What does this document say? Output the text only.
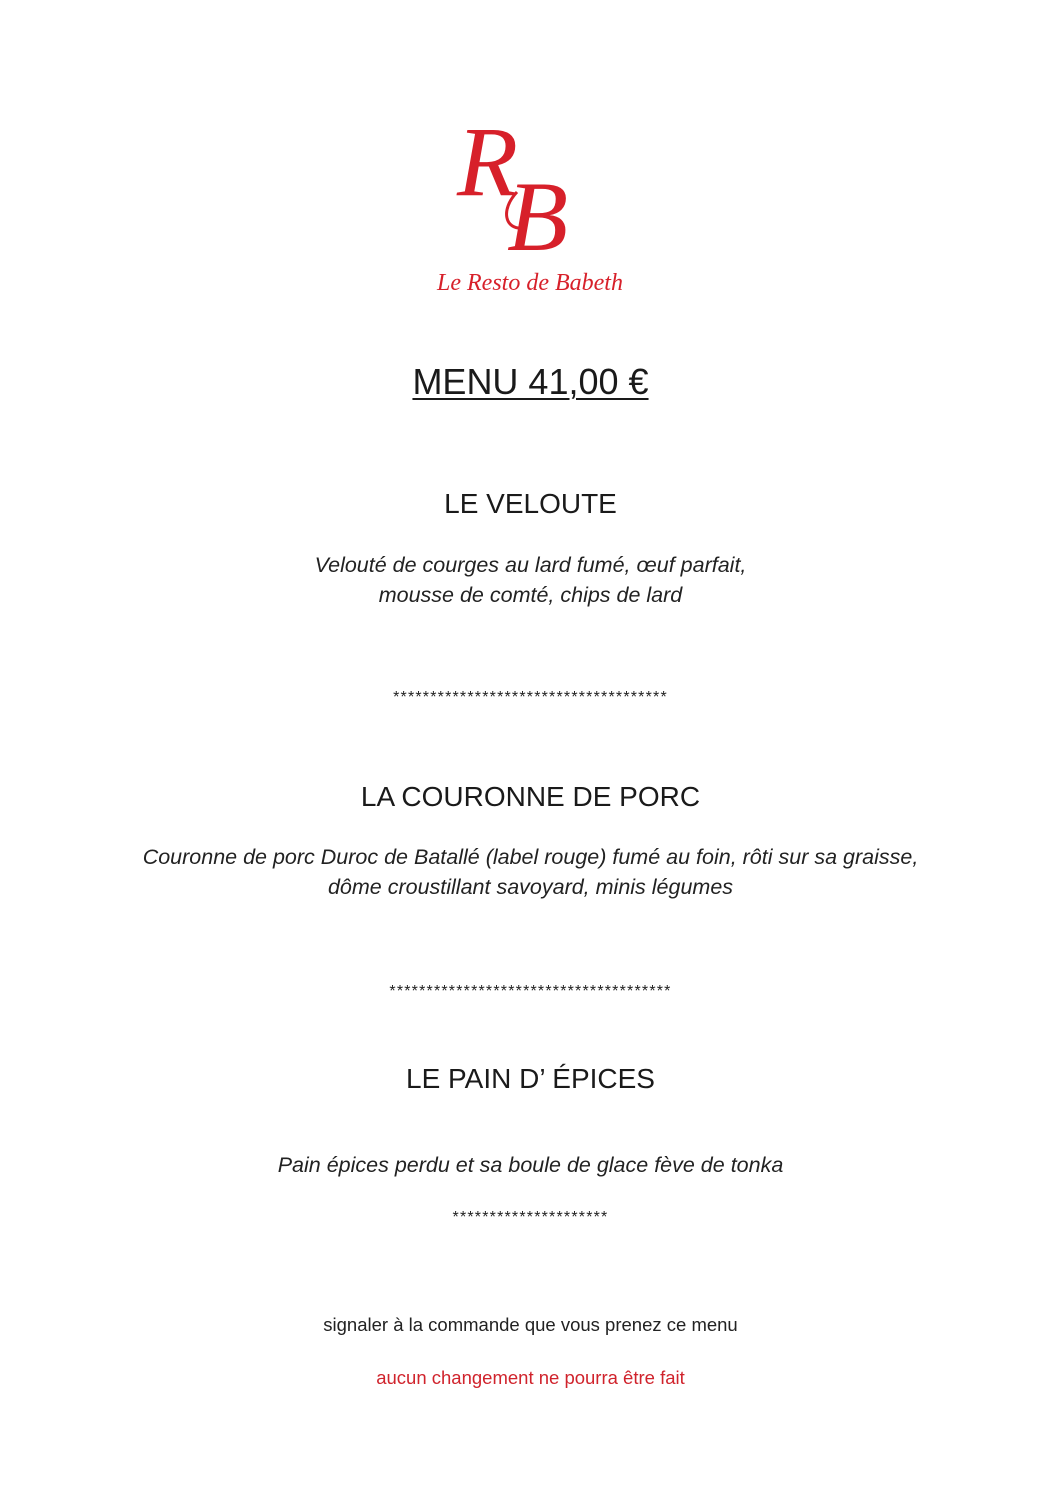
R
B
Le Resto de Babeth
MENU 41,00 €
LE VELOUTE
Velouté de courges au lard fumé, œuf parfait,
mousse de comté, chips de lard
*************************************
LA COURONNE DE PORC
Couronne de porc Duroc de Batallé (label rouge) fumé au foin, rôti sur sa graisse,
dôme croustillant savoyard, minis légumes
**************************************
LE PAIN D’ ÉPICES
Pain épices perdu et sa boule de glace fève de tonka
*********************
signaler à la commande que vous prenez ce menu
aucun changement ne pourra être fait
